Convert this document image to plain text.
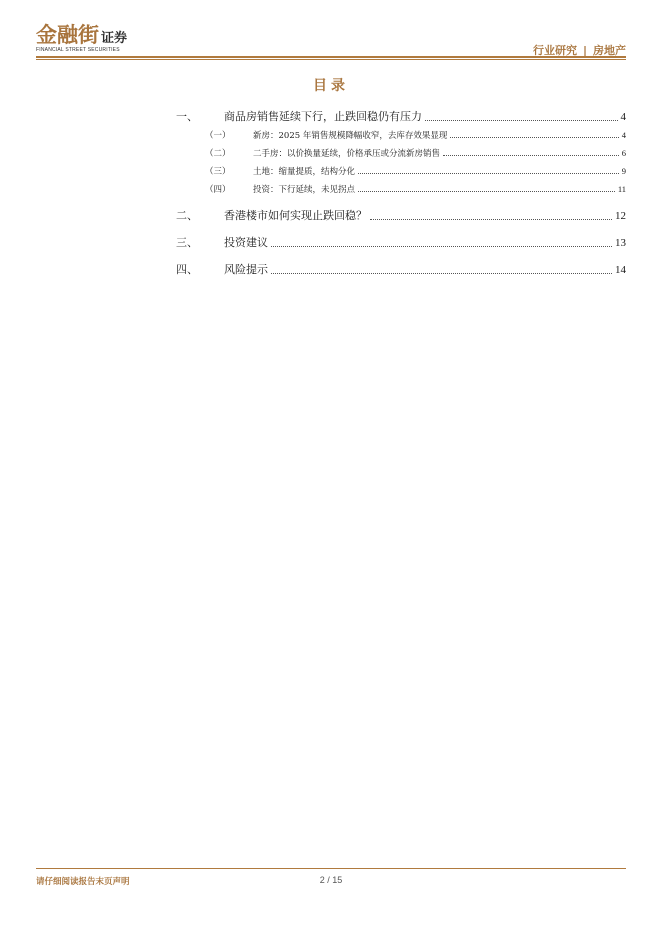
金融街 证券
FINANCIAL STREET SECURITIES	行业研究 | 房地产
目录
一、	商品房销售延续下行，止跌回稳仍有压力	4
（一）	新房：2025 年销售规模降幅收窄，去库存效果显现	4
（二）	二手房：以价换量延续，价格承压或分流新房销售	6
（三）	土地：缩量提质，结构分化	9
（四）	投资：下行延续，未见拐点	11
二、	香港楼市如何实现止跌回稳？	12
三、	投资建议	13
四、	风险提示	14
请仔细阅读报告末页声明	2 / 15
